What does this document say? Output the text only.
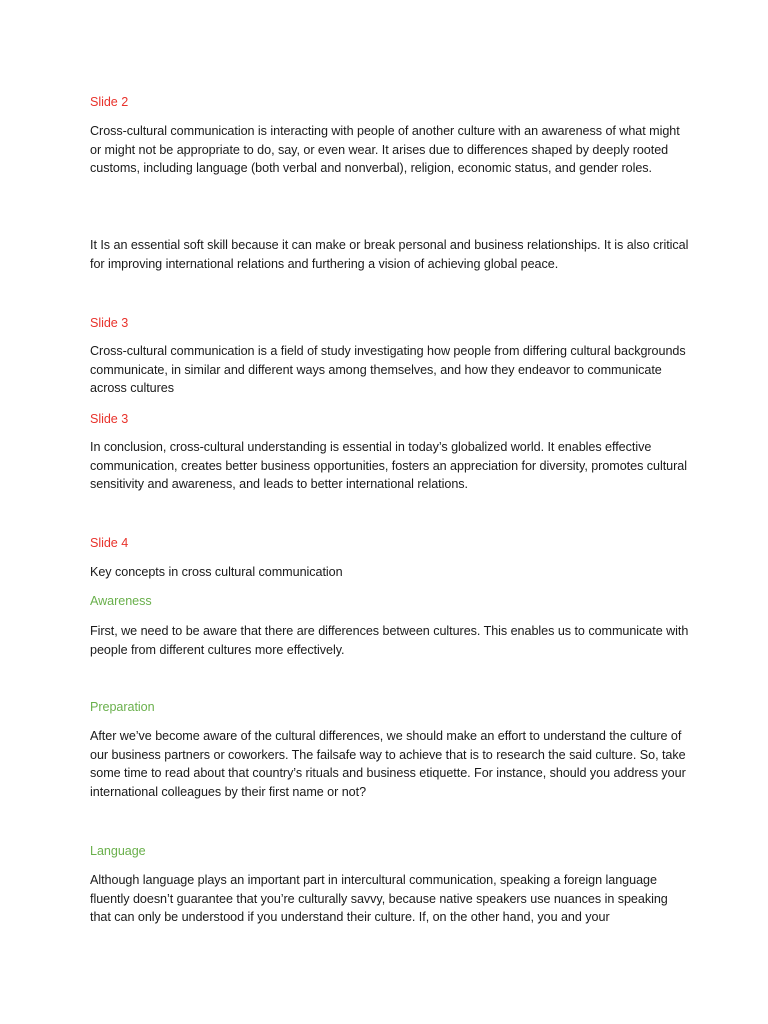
Slide 2

Cross-cultural communication is interacting with people of another culture with an awareness of what might or might not be appropriate to do, say, or even wear. It arises due to differences shaped by deeply rooted customs, including language (both verbal and nonverbal), religion, economic status, and gender roles.

It Is an essential soft skill because it can make or break personal and business relationships. It is also critical for improving international relations and furthering a vision of achieving global peace.

Slide 3

Cross-cultural communication is a field of study investigating how people from differing cultural backgrounds communicate, in similar and different ways among themselves, and how they endeavor to communicate across cultures

Slide 3

In conclusion, cross-cultural understanding is essential in today’s globalized world. It enables effective communication, creates better business opportunities, fosters an appreciation for diversity, promotes cultural sensitivity and awareness, and leads to better international relations.

Slide 4

Key concepts in cross cultural communication

Awareness

First, we need to be aware that there are differences between cultures. This enables us to communicate with people from different cultures more effectively.

Preparation

After we’ve become aware of the cultural differences, we should make an effort to understand the culture of our business partners or coworkers. The failsafe way to achieve that is to research the said culture. So, take some time to read about that country’s rituals and business etiquette. For instance, should you address your international colleagues by their first name or not?

Language

Although language plays an important part in intercultural communication, speaking a foreign language fluently doesn’t guarantee that you’re culturally savvy, because native speakers use nuances in speaking that can only be understood if you understand their culture. If, on the other hand, you and your
